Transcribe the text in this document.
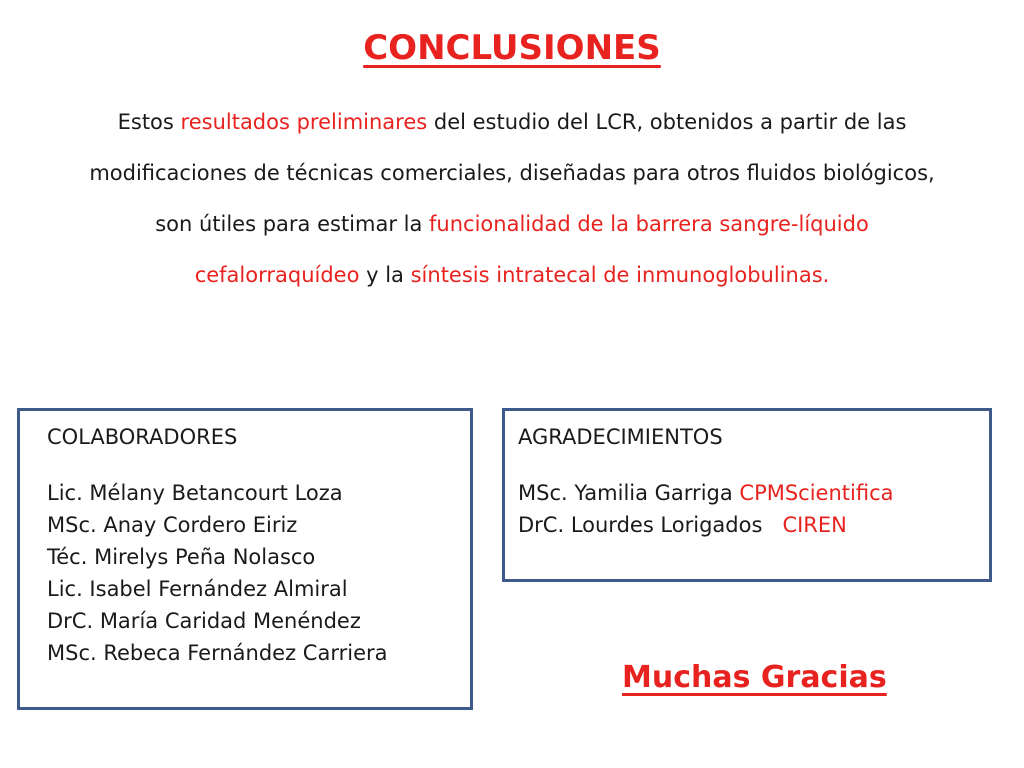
CONCLUSIONES
Estos resultados preliminares del estudio del LCR, obtenidos a partir de las modificaciones de técnicas comerciales, diseñadas para otros fluidos biológicos, son útiles para estimar la funcionalidad de la barrera sangre-líquido cefalorraquídeo y la síntesis intratecal de inmunoglobulinas.
COLABORADORES
Lic. Mélany Betancourt Loza
MSc. Anay Cordero Eiriz
Téc. Mirelys Peña Nolasco
Lic. Isabel Fernández Almiral
DrC. María Caridad Menéndez
MSc. Rebeca Fernández Carriera
AGRADECIMIENTOS
MSc. Yamilia Garriga CPMScientifica
DrC. Lourdes Lorigados   CIREN
Muchas Gracias
